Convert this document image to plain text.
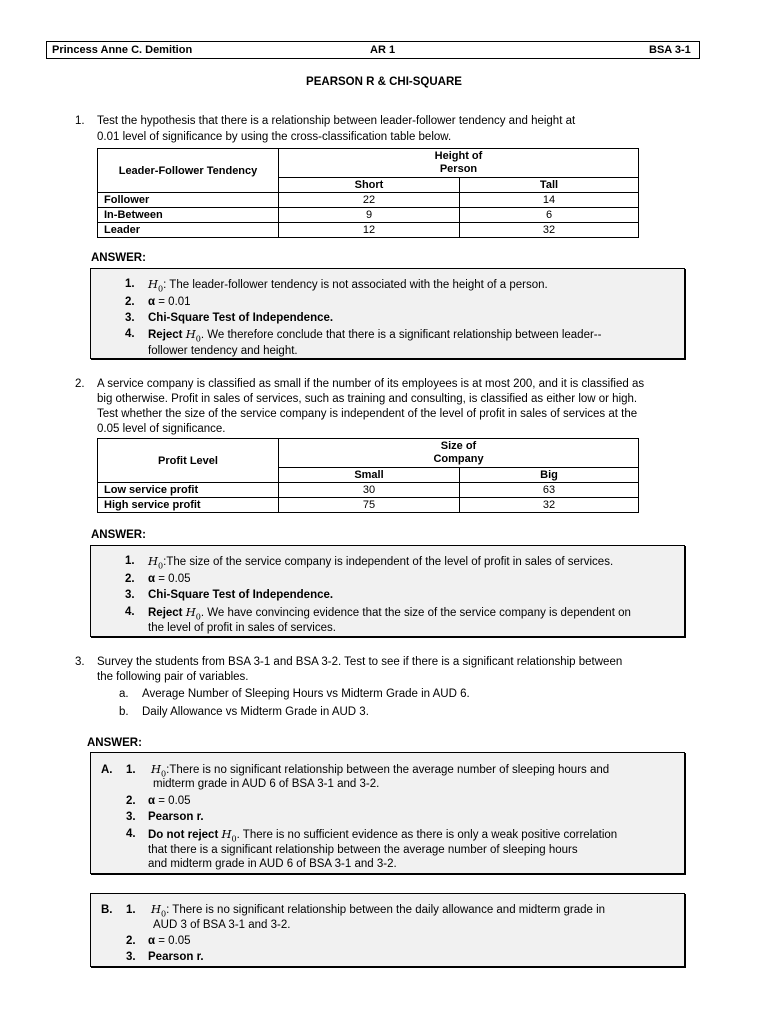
Princess Anne C. Demition	AR 1	BSA 3-1
PEARSON R & CHI-SQUARE
1. Test the hypothesis that there is a relationship between leader-follower tendency and height at
0.01 level of significance by using the cross-classification table below.
Leader-Follower Tendency	Height of
Person	
	Short	Tall
Follower	22	14
In-Between	9	6
Leader	12	32
ANSWER:
1. $H_0$: The leader-follower tendency is not associated with the height of a person.
2. α = 0.01
3. Chi-Square Test of Independence.
4. Reject $H_0$. We therefore conclude that there is a significant relationship between leader--
follower tendency and height.
2. A service company is classified as small if the number of its employees is at most 200, and it is classified as
big otherwise. Profit in sales of services, such as training and consulting, is classified as either low or high.
Test whether the size of the service company is independent of the level of profit in sales of services at the
0.05 level of significance.
Profit Level	Size of
Company	
	Small	Big
Low service profit	30	63
High service profit	75	32
ANSWER:
1. $H_0:The$ size of the service company is independent of the level of profit in sales of services.
2. α = 0.05
3. Chi-Square Test of Independence.
4. Reject $H_0$. We have convincing evidence that the size of the service company is dependent on
the level of profit in sales of services.
3. Survey the students from BSA 3-1 and BSA 3-2. Test to see if there is a significant relationship between
the following pair of variables.
a. Average Number of Sleeping Hours vs Midterm Grade in AUD 6.
b. Daily Allowance vs Midterm Grade in AUD 3.
ANSWER:
A. 1. $H_0:There$ is no significant relationship between the average number of sleeping hours and
midterm grade in AUD 6 of BSA 3-1 and 3-2.
2. α = 0.05
3. Pearson r.
4. Do not reject $H_0$. There is no sufficient evidence as there is only a weak positive correlation
that there is a significant relationship between the average number of sleeping hours
and midterm grade in AUD 6 of BSA 3-1 and 3-2.
B. 1. $H_0$: There is no significant relationship between the daily allowance and midterm grade in
AUD 3 of BSA 3-1 and 3-2.
2. α = 0.05
3. Pearson r.
